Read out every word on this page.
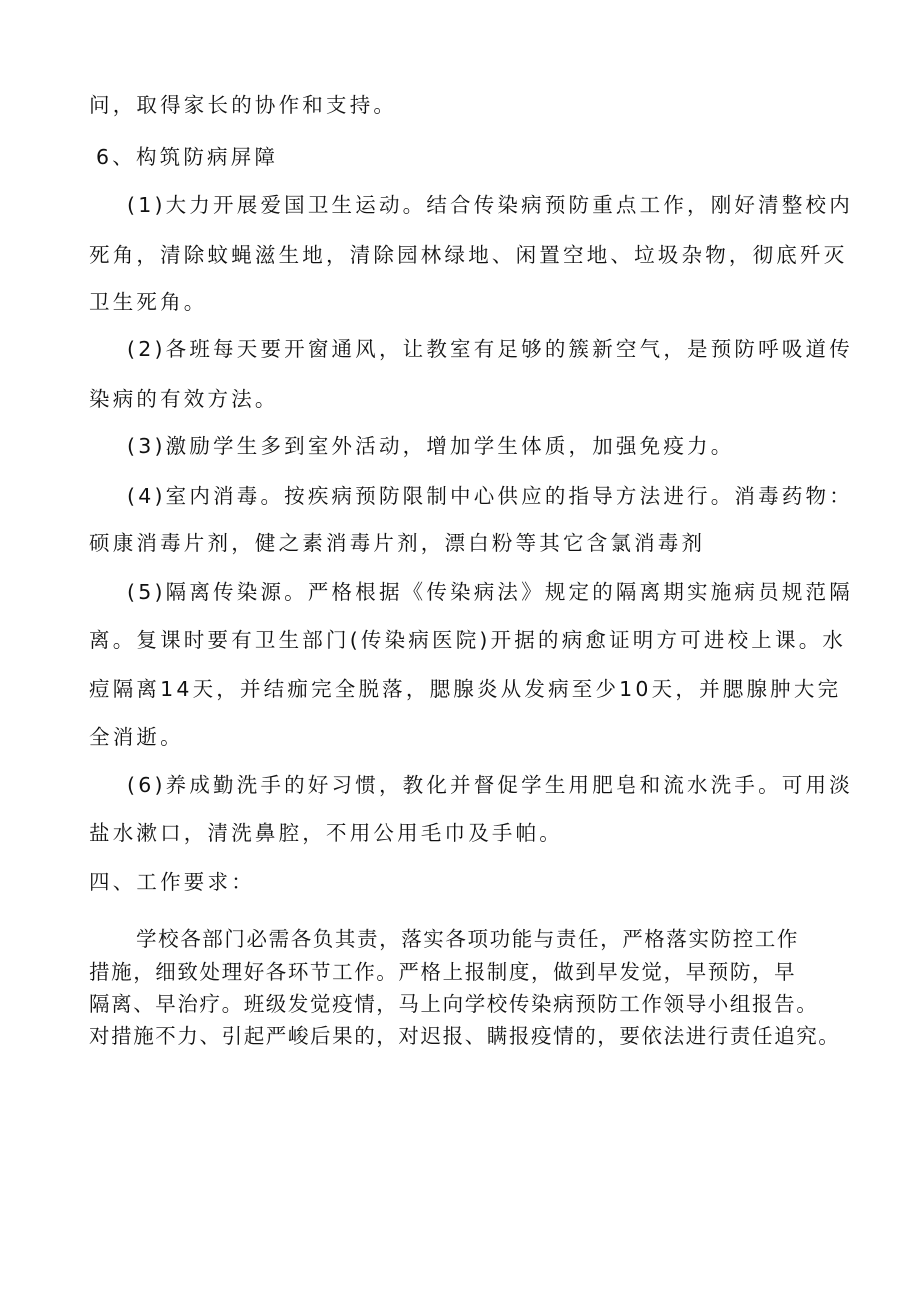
问，取得家长的协作和支持。
6、构筑防病屏障
(1)大力开展爱国卫生运动。结合传染病预防重点工作，刚好清整校内
死角，清除蚊蝇滋生地，清除园林绿地、闲置空地、垃圾杂物，彻底歼灭
卫生死角。
(2)各班每天要开窗通风，让教室有足够的簇新空气，是预防呼吸道传
染病的有效方法。
(3)激励学生多到室外活动，增加学生体质，加强免疫力。
(4)室内消毒。按疾病预防限制中心供应的指导方法进行。消毒药物：
硕康消毒片剂，健之素消毒片剂，漂白粉等其它含氯消毒剂
(5)隔离传染源。严格根据《传染病法》规定的隔离期实施病员规范隔
离。复课时要有卫生部门(传染病医院)开据的病愈证明方可进校上课。水
痘隔离14天，并结痂完全脱落，腮腺炎从发病至少10天，并腮腺肿大完
全消逝。
(6)养成勤洗手的好习惯，教化并督促学生用肥皂和流水洗手。可用淡
盐水漱口，清洗鼻腔，不用公用毛巾及手帕。
四、工作要求：
学校各部门必需各负其责，落实各项功能与责任，严格落实防控工作
措施，细致处理好各环节工作。严格上报制度，做到早发觉，早预防，早
隔离、早治疗。班级发觉疫情，马上向学校传染病预防工作领导小组报告。
对措施不力、引起严峻后果的，对迟报、瞒报疫情的，要依法进行责任追究。
